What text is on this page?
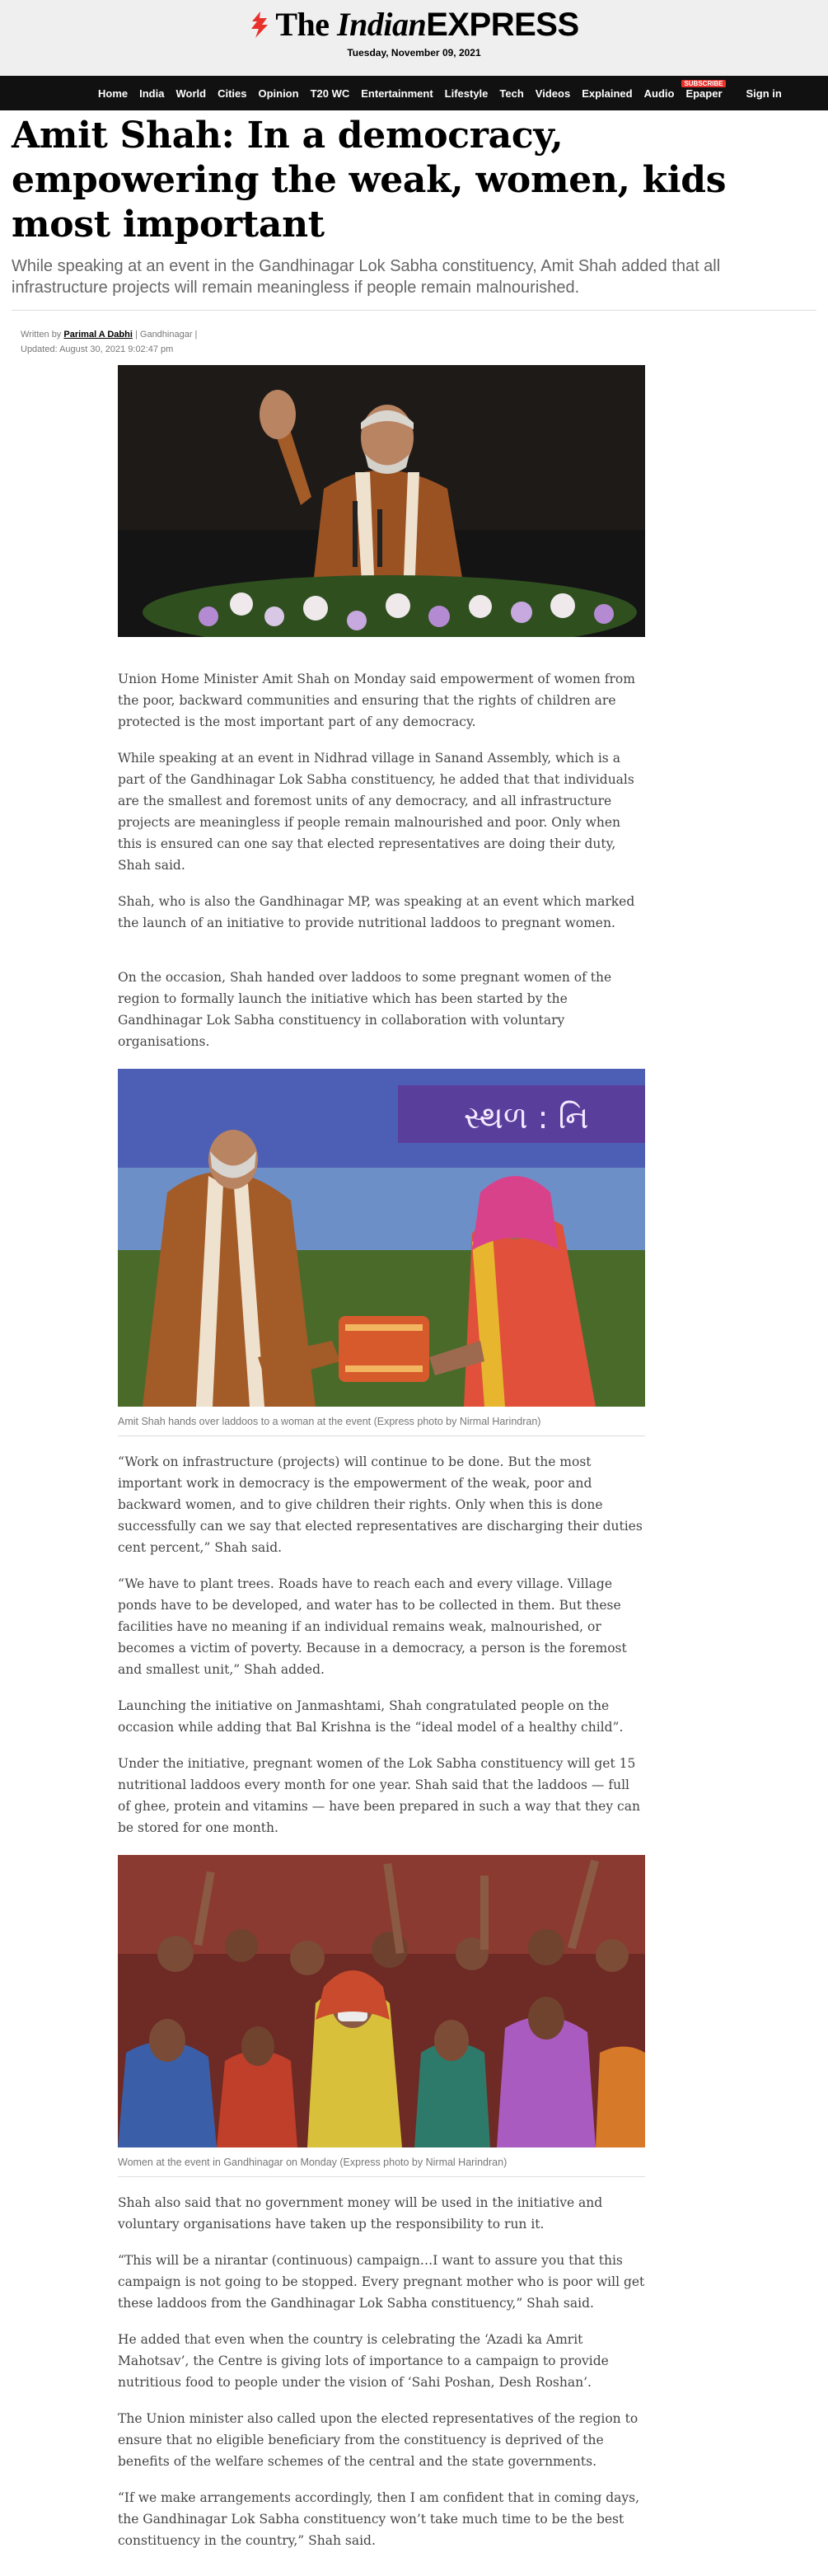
The IndianEXPRESS
Tuesday, November 09, 2021
Home	India	World	Cities	Opinion	T20 WC	Entertainment	Lifestyle	Tech	Videos	Explained	Audio
SUBSCRIBE
Epaper	Sign in
Amit Shah: In a democracy, empowering the weak, women, kids most important
While speaking at an event in the Gandhinagar Lok Sabha constituency, Amit Shah added that all infrastructure projects will remain meaningless if people remain malnourished.
Written by Parimal A Dabhi | Gandhinagar |
Updated: August 30, 2021 9:02:47 pm

Union Home Minister Amit Shah on Monday said empowerment of women from the poor, backward communities and ensuring that the rights of children are protected is the most important part of any democracy.

While speaking at an event in Nidhrad village in Sanand Assembly, which is a part of the Gandhinagar Lok Sabha constituency, he added that that individuals are the smallest and foremost units of any democracy, and all infrastructure projects are meaningless if people remain malnourished and poor. Only when this is ensured can one say that elected representatives are doing their duty, Shah said.

Shah, who is also the Gandhinagar MP, was speaking at an event which marked the launch of an initiative to provide nutritional laddoos to pregnant women.

On the occasion, Shah handed over laddoos to some pregnant women of the region to formally launch the initiative which has been started by the Gandhinagar Lok Sabha constituency in collaboration with voluntary organisations.

સ્થળ : નિ
Amit Shah hands over laddoos to a woman at the event (Express photo by Nirmal Harindran)

“Work on infrastructure (projects) will continue to be done. But the most important work in democracy is the empowerment of the weak, poor and backward women, and to give children their rights. Only when this is done successfully can we say that elected representatives are discharging their duties cent percent,” Shah said.

“We have to plant trees. Roads have to reach each and every village. Village ponds have to be developed, and water has to be collected in them. But these facilities have no meaning if an individual remains weak, malnourished, or becomes a victim of poverty. Because in a democracy, a person is the foremost and smallest unit,” Shah added.

Launching the initiative on Janmashtami, Shah congratulated people on the occasion while adding that Bal Krishna is the “ideal model of a healthy child”.

Under the initiative, pregnant women of the Lok Sabha constituency will get 15 nutritional laddoos every month for one year. Shah said that the laddoos — full of ghee, protein and vitamins — have been prepared in such a way that they can be stored for one month.

Women at the event in Gandhinagar on Monday (Express photo by Nirmal Harindran)

Shah also said that no government money will be used in the initiative and voluntary organisations have taken up the responsibility to run it.

“This will be a nirantar (continuous) campaign…I want to assure you that this campaign is not going to be stopped. Every pregnant mother who is poor will get these laddoos from the Gandhinagar Lok Sabha constituency,” Shah said.

He added that even when the country is celebrating the ‘Azadi ka Amrit Mahotsav’, the Centre is giving lots of importance to a campaign to provide nutritious food to people under the vision of ‘Sahi Poshan, Desh Roshan’.

The Union minister also called upon the elected representatives of the region to ensure that no eligible beneficiary from the constituency is deprived of the benefits of the welfare schemes of the central and the state governments.

“If we make arrangements accordingly, then I am confident that in coming days, the Gandhinagar Lok Sabha constituency won’t take much time to be the best constituency in the country,” Shah said.
